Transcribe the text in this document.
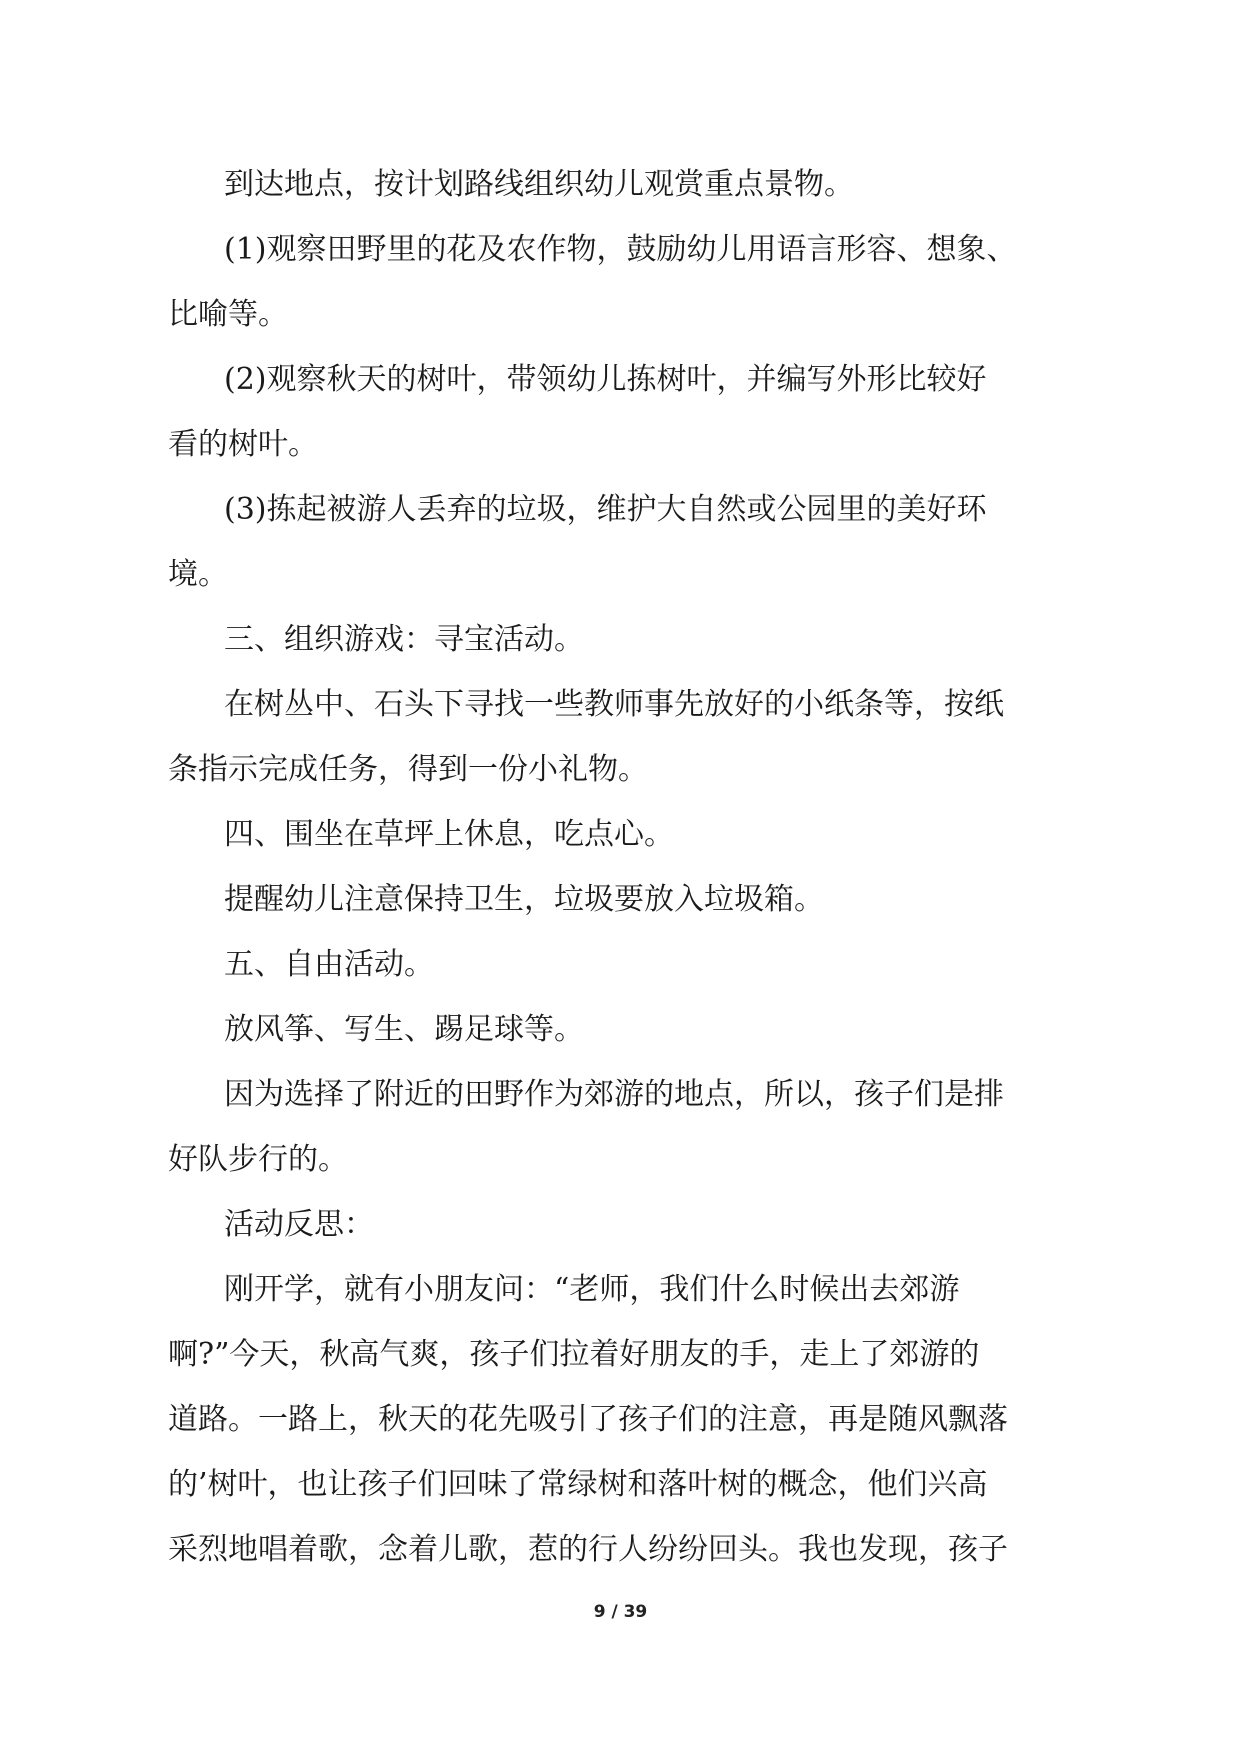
到达地点，按计划路线组织幼儿观赏重点景物。
(1)观察田野里的花及农作物，鼓励幼儿用语言形容、想象、
比喻等。
(2)观察秋天的树叶，带领幼儿拣树叶，并编写外形比较好
看的树叶。
(3)拣起被游人丢弃的垃圾，维护大自然或公园里的美好环
境。
三、组织游戏：寻宝活动。
在树丛中、石头下寻找一些教师事先放好的小纸条等，按纸
条指示完成任务，得到一份小礼物。
四、围坐在草坪上休息，吃点心。
提醒幼儿注意保持卫生，垃圾要放入垃圾箱。
五、自由活动。
放风筝、写生、踢足球等。
因为选择了附近的田野作为郊游的地点，所以，孩子们是排
好队步行的。
活动反思：
刚开学，就有小朋友问：“老师，我们什么时候出去郊游
啊?”今天，秋高气爽，孩子们拉着好朋友的手，走上了郊游的
道路。一路上，秋天的花先吸引了孩子们的注意，再是随风飘落
的’树叶，也让孩子们回味了常绿树和落叶树的概念，他们兴高
采烈地唱着歌，念着儿歌，惹的行人纷纷回头。我也发现，孩子
9 / 39
